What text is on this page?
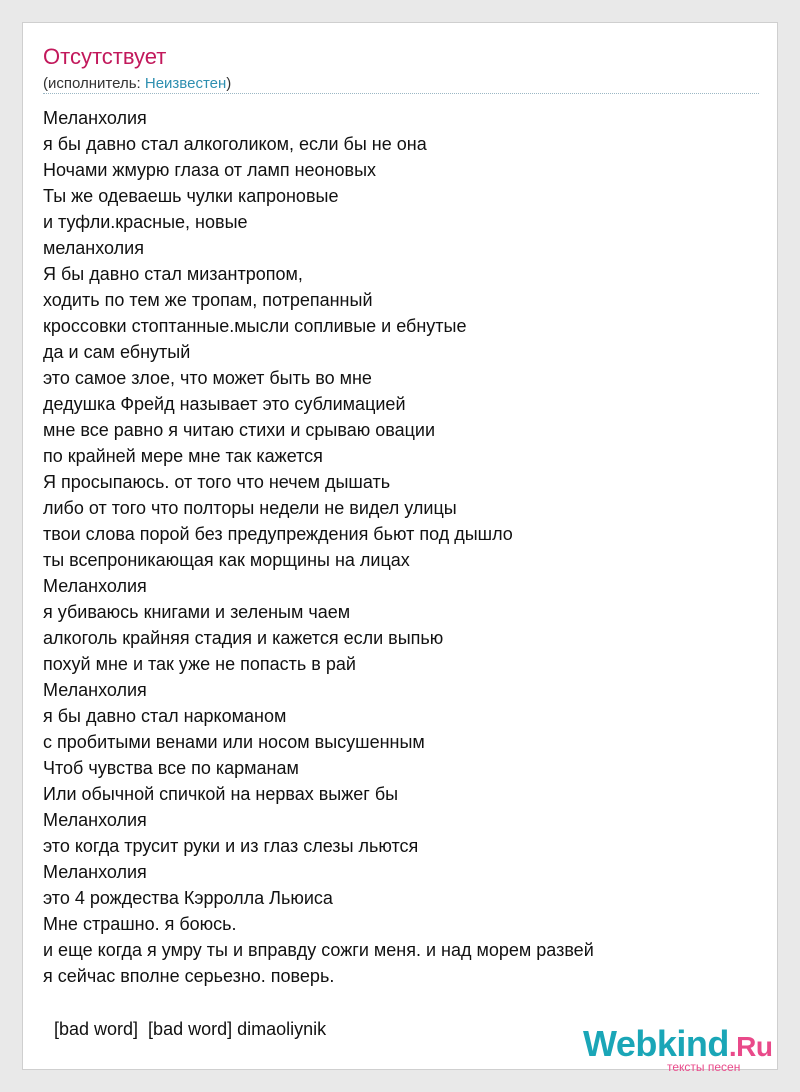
Отсутствует
(исполнитель: Неизвестен)
Меланхолия
я бы давно стал алкоголиком, если бы не она
Ночами жмурю глаза от ламп неоновых
Ты же одеваешь чулки капроновые
и туфли.красные, новые
меланхолия
Я бы давно стал мизантропом,
ходить по тем же тропам, потрепанный
кроссовки стоптанные.мысли сопливые и ебнутые
да и сам ебнутый
это самое злое, что может быть во мне
дедушка Фрейд называет это сублимацией
мне все равно я читаю стихи и срываю овации
по крайней мере мне так кажется
Я просыпаюсь. от того что нечем дышать
либо от того что полторы недели не видел улицы
твои слова порой без предупреждения бьют под дышло
ты всепроникающая как морщины на лицах
Меланхолия
я убиваюсь книгами и зеленым чаем
алкоголь крайняя стадия и кажется если выпью
похуй мне и так уже не попасть в рай
Меланхолия
я бы давно стал наркоманом
с пробитыми венами или носом высушенным
Чтоб чувства все по карманам
Или обычной спичкой на нервах выжег бы
Меланхолия
это когда трусит руки и из глаз слезы льются
Меланхолия
это 4 рождества Кэрролла Льюиса
Мне страшно. я боюсь.
и еще когда я умру ты и вправду сожги меня. и над морем развей
я сейчас вполне серьезно. поверь.
[bad word]  [bad word] dimaoliynik	Webkind.Ru
тексты песен
